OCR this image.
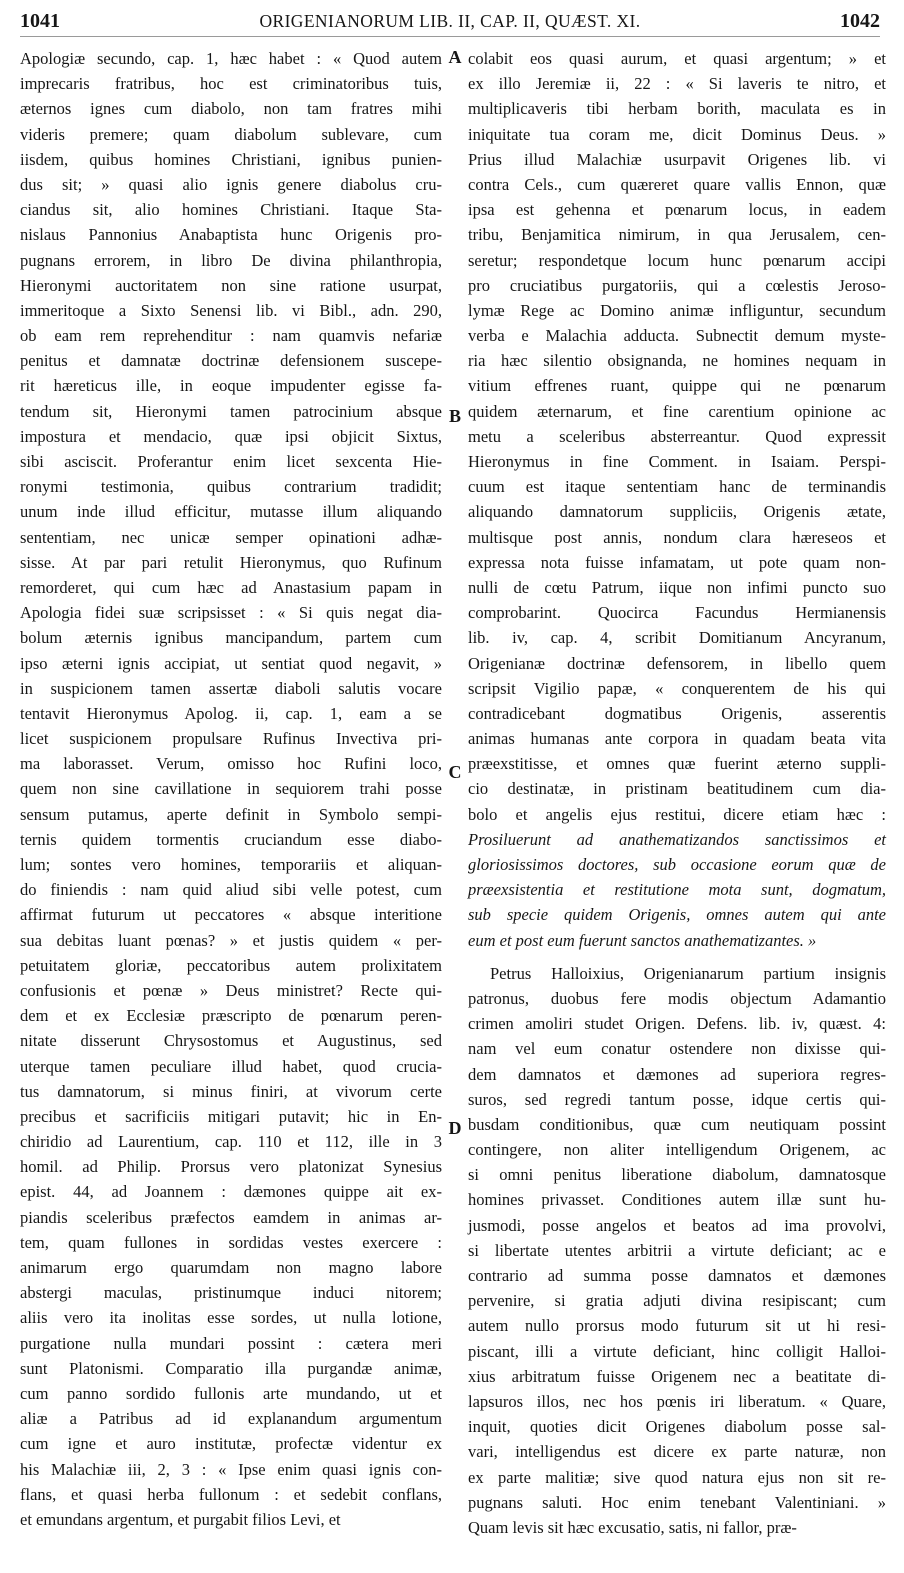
1041	ORIGENIANORUM LIB. II, CAP. II, QUÆST. XI.	1042
Apologiæ secundo, cap. 1, hæc habet : « Quod autem
imprecaris fratribus, hoc est criminatoribus tuis,
æternos ignes cum diabolo, non tam fratres mihi
videris premere; quam diabolum sublevare, cum
iisdem, quibus homines Christiani, ignibus punien-
dus sit; » quasi alio ignis genere diabolus cru-
ciandus sit, alio homines Christiani. Itaque Sta-
nislaus Pannonius Anabaptista hunc Origenis pro-
pugnans errorem, in libro De divina philanthropia,
Hieronymi auctoritatem non sine ratione usurpat,
immeritoque a Sixto Senensi lib. vi Bibl., adn. 290,
ob eam rem reprehenditur : nam quamvis nefariæ
penitus et damnatæ doctrinæ defensionem suscepe-
rit hæreticus ille, in eoque impudenter egisse fa-
tendum sit, Hieronymi tamen patrocinium absque
impostura et mendacio, quæ ipsi objicit Sixtus,
sibi asciscit. Proferantur enim licet sexcenta Hie-
ronymi testimonia, quibus contrarium tradidit;
unum inde illud efficitur, mutasse illum aliquando
sententiam, nec unicæ semper opinationi adhæ-
sisse. At par pari retulit Hieronymus, quo Rufinum
remorderet, qui cum hæc ad Anastasium papam in
Apologia fidei suæ scripsisset : « Si quis negat dia-
bolum æternis ignibus mancipandum, partem cum
ipso æterni ignis accipiat, ut sentiat quod negavit, »
in suspicionem tamen assertæ diaboli salutis vocare
tentavit Hieronymus Apolog. ii, cap. 1, eam a se
licet suspicionem propulsare Rufinus Invectiva pri-
ma laborasset. Verum, omisso hoc Rufini loco,
quem non sine cavillatione in sequiorem trahi posse
sensum putamus, aperte definit in Symbolo sempi-
ternis quidem tormentis cruciandum esse diabo-
lum; sontes vero homines, temporariis et aliquan-
do finiendis : nam quid aliud sibi velle potest, cum
affirmat futurum ut peccatores « absque interitione
sua debitas luant pœnas? » et justis quidem « per-
petuitatem gloriæ, peccatoribus autem prolixitatem
confusionis et pœnæ » Deus ministret? Recte qui-
dem et ex Ecclesiæ præscripto de pœnarum peren-
nitate disserunt Chrysostomus et Augustinus, sed
uterque tamen peculiare illud habet, quod crucia-
tus damnatorum, si minus finiri, at vivorum certe
precibus et sacrificiis mitigari putavit; hic in En-
chiridio ad Laurentium, cap. 110 et 112, ille in 3
homil. ad Philip. Prorsus vero platonizat Synesius
epist. 44, ad Joannem : dæmones quippe ait ex-
piandis sceleribus præfectos eamdem in animas ar-
tem, quam fullones in sordidas vestes exercere :
animarum ergo quarumdam non magno labore
abstergi maculas, pristinumque induci nitorem;
aliis vero ita inolitas esse sordes, ut nulla lotione,
purgatione nulla mundari possint : cætera meri
sunt Platonismi. Comparatio illa purgandæ animæ,
cum panno sordido fullonis arte mundando, ut et
aliæ a Patribus ad id explanandum argumentum
cum igne et auro institutæ, profectæ videntur ex
his Malachiæ iii, 2, 3 : « Ipse enim quasi ignis con-
flans, et quasi herba fullonum : et sedebit conflans,
et emundans argentum, et purgabit filios Levi, et
colabit eos quasi aurum, et quasi argentum; » et
ex illo Jeremiæ ii, 22 : « Si laveris te nitro, et
multiplicaveris tibi herbam borith, maculata es in
iniquitate tua coram me, dicit Dominus Deus. »
Prius illud Malachiæ usurpavit Origenes lib. vi
contra Cels., cum quæreret quare vallis Ennon, quæ
ipsa est gehenna et pœnarum locus, in eadem
tribu, Benjamitica nimirum, in qua Jerusalem, cen-
seretur; respondetque locum hunc pœnarum accipi
pro cruciatibus purgatoriis, qui a cœlestis Jeroso-
lymæ Rege ac Domino animæ infliguntur, secundum
verba e Malachia adducta. Subnectit demum myste-
ria hæc silentio obsignanda, ne homines nequam in
vitium effrenes ruant, quippe qui ne pœnarum
quidem æternarum, et fine carentium opinione ac
metu a sceleribus absterreantur. Quod expressit
Hieronymus in fine Comment. in Isaiam. Perspi-
cuum est itaque sententiam hanc de terminandis
aliquando damnatorum suppliciis, Origenis ætate,
multisque post annis, nondum clara hæreseos et
expressa nota fuisse infamatam, ut pote quam non-
nulli de cœtu Patrum, iique non infimi puncto suo
comprobarint. Quocirca Facundus Hermianensis
lib. iv, cap. 4, scribit Domitianum Ancyranum,
Origenianæ doctrinæ defensorem, in libello quem
scripsit Vigilio papæ, « conquerentem de his qui
contradicebant dogmatibus Origenis, asserentis
animas humanas ante corpora in quadam beata vita
præexstitisse, et omnes quæ fuerint æterno suppli-
cio destinatæ, in pristinam beatitudinem cum dia-
bolo et angelis ejus restitui, dicere etiam hæc :
Prosiluerunt ad anathematizandos sanctissimos et
gloriosissimos doctores, sub occasione eorum quæ de
præexsistentia et restitutione mota sunt, dogmatum,
sub specie quidem Origenis, omnes autem qui ante
eum et post eum fuerunt sanctos anathematizantes. »
Petrus Halloixius, Origenianarum partium insignis
patronus, duobus fere modis objectum Adamantio
crimen amoliri studet Origen. Defens. lib. iv, quæst. 4:
nam vel eum conatur ostendere non dixisse qui-
dem damnatos et dæmones ad superiora regres-
suros, sed regredi tantum posse, idque certis qui-
busdam conditionibus, quæ cum neutiquam possint
contingere, non aliter intelligendum Origenem, ac
si omni penitus liberatione diabolum, damnatosque
homines privasset. Conditiones autem illæ sunt hu-
jusmodi, posse angelos et beatos ad ima provolvi,
si libertate utentes arbitrii a virtute deficiant; ac e
contrario ad summa posse damnatos et dæmones
pervenire, si gratia adjuti divina resipiscant; cum
autem nullo prorsus modo futurum sit ut hi resi-
piscant, illi a virtute deficiant, hinc colligit Halloi-
xius arbitratum fuisse Origenem nec a beatitate di-
lapsuros illos, nec hos pœnis iri liberatum. « Quare,
inquit, quoties dicit Origenes diabolum posse sal-
vari, intelligendus est dicere ex parte naturæ, non
ex parte malitiæ; sive quod natura ejus non sit re-
pugnans saluti. Hoc enim tenebant Valentiniani. »
Quam levis sit hæc excusatio, satis, ni fallor, præ-
A
B
C
D
